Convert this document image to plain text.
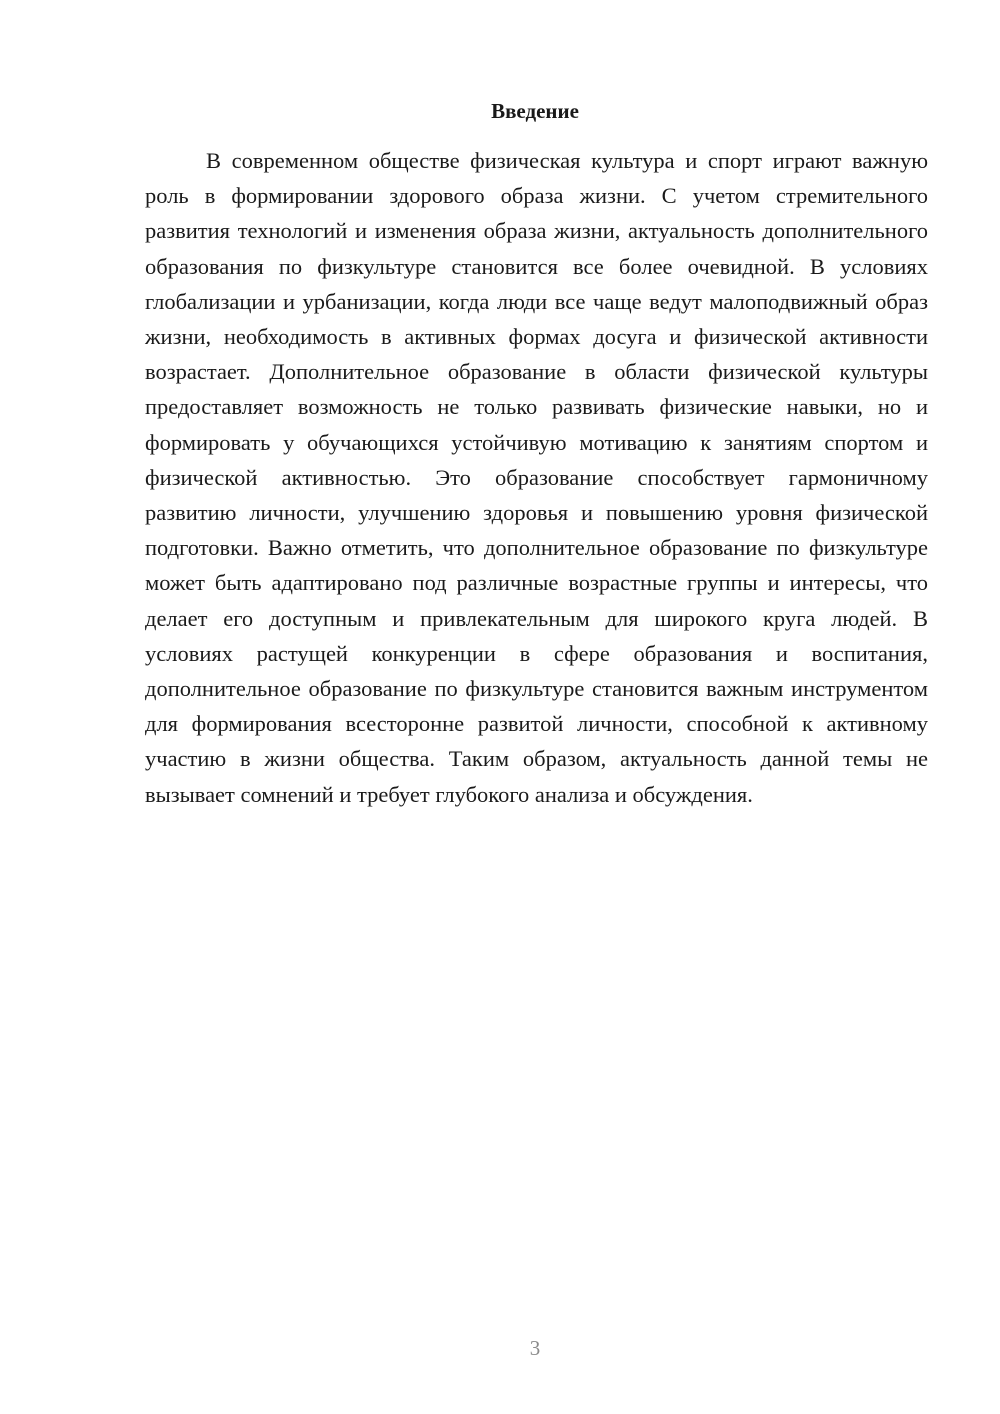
Введение

В современном обществе физическая культура и спорт играют важную роль в формировании здорового образа жизни. С учетом стремительного развития технологий и изменения образа жизни, актуальность дополнительного образования по физкультуре становится все более очевидной. В условиях глобализации и урбанизации, когда люди все чаще ведут малоподвижный образ жизни, необходимость в активных формах досуга и физической активности возрастает. Дополнительное образование в области физической культуры предоставляет возможность не только развивать физические навыки, но и формировать у обучающихся устойчивую мотивацию к занятиям спортом и физической активностью. Это образование способствует гармоничному развитию личности, улучшению здоровья и повышению уровня физической подготовки. Важно отметить, что дополнительное образование по физкультуре может быть адаптировано под различные возрастные группы и интересы, что делает его доступным и привлекательным для широкого круга людей. В условиях растущей конкуренции в сфере образования и воспитания, дополнительное образование по физкультуре становится важным инструментом для формирования всесторонне развитой личности, способной к активному участию в жизни общества. Таким образом, актуальность данной темы не вызывает сомнений и требует глубокого анализа и обсуждения.

3
